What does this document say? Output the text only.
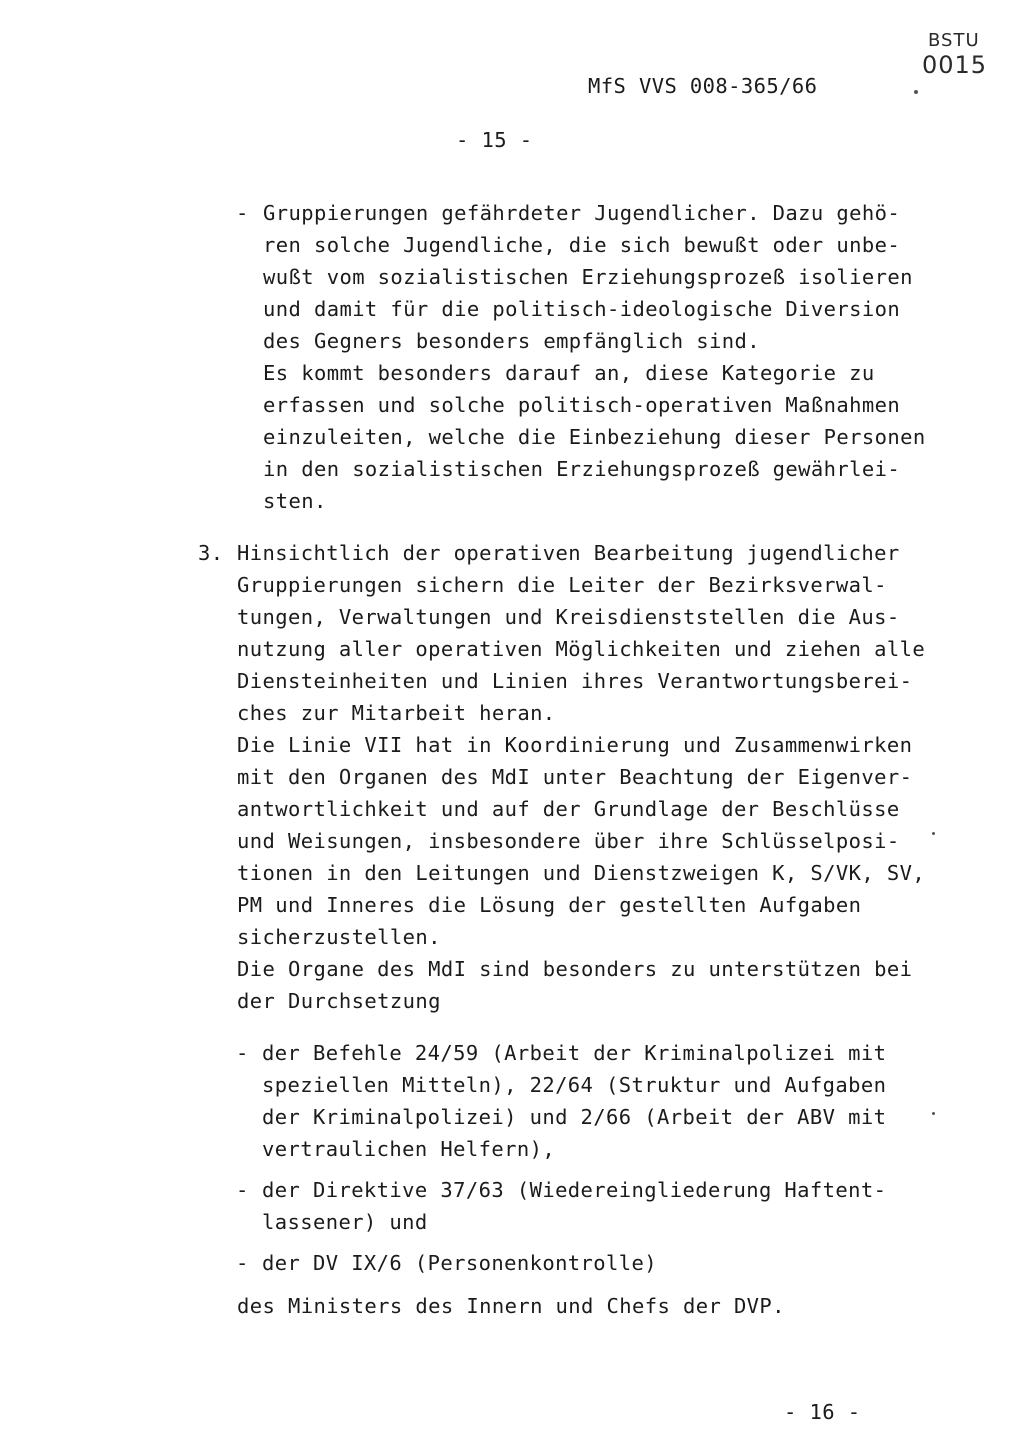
BSTU
0015
MfS VVS 008-365/66
- 15 -
- Gruppierungen gefährdeter Jugendlicher. Dazu gehö-
ren solche Jugendliche, die sich bewußt oder unbe-
wußt vom sozialistischen Erziehungsprozeß isolieren
und damit für die politisch-ideologische Diversion
des Gegners besonders empfänglich sind.
Es kommt besonders darauf an, diese Kategorie zu
erfassen und solche politisch-operativen Maßnahmen
einzuleiten, welche die Einbeziehung dieser Personen
in den sozialistischen Erziehungsprozeß gewährlei-
sten.
3. Hinsichtlich der operativen Bearbeitung jugendlicher
Gruppierungen sichern die Leiter der Bezirksverwal-
tungen, Verwaltungen und Kreisdienststellen die Aus-
nutzung aller operativen Möglichkeiten und ziehen alle
Diensteinheiten und Linien ihres Verantwortungsberei-
ches zur Mitarbeit heran.
Die Linie VII hat in Koordinierung und Zusammenwirken
mit den Organen des MdI unter Beachtung der Eigenver-
antwortlichkeit und auf der Grundlage der Beschlüsse
und Weisungen, insbesondere über ihre Schlüsselposi-
tionen in den Leitungen und Dienstzweigen K, S/VK, SV,
PM und Inneres die Lösung der gestellten Aufgaben
sicherzustellen.
Die Organe des MdI sind besonders zu unterstützen bei
der Durchsetzung
- der Befehle 24/59 (Arbeit der Kriminalpolizei mit
speziellen Mitteln), 22/64 (Struktur und Aufgaben
der Kriminalpolizei) und 2/66 (Arbeit der ABV mit
vertraulichen Helfern),
- der Direktive 37/63 (Wiedereingliederung Haftent-
lassener) und
- der DV IX/6 (Personenkontrolle)
des Ministers des Innern und Chefs der DVP.
- 16 -
